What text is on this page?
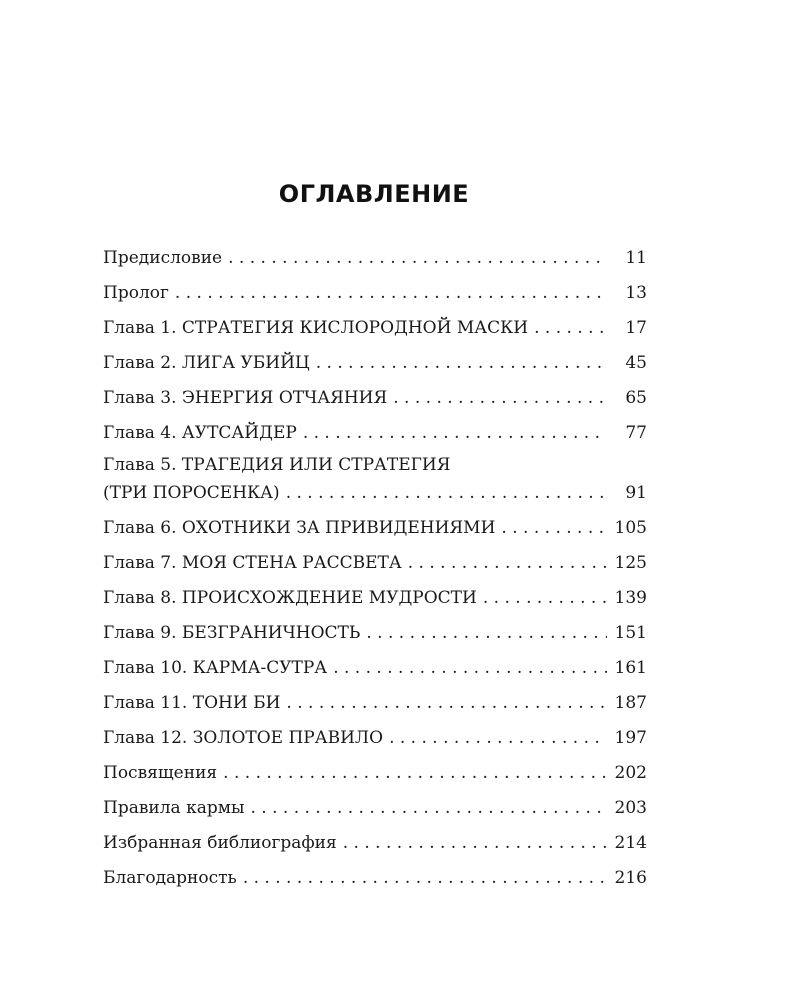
ОГЛАВЛЕНИЕ
Предисловие . . .	11
Пролог . . .	13
Глава 1. СТРАТЕГИЯ КИСЛОРОДНОЙ МАСКИ . . .	17
Глава 2. ЛИГА УБИЙЦ . . .	45
Глава 3. ЭНЕРГИЯ ОТЧАЯНИЯ . . .	65
Глава 4. АУТСАЙДЕР . . .	77
Глава 5. ТРАГЕДИЯ ИЛИ СТРАТЕГИЯ
(ТРИ ПОРОСЕНКА) . . .	91
Глава 6. ОХОТНИКИ ЗА ПРИВИДЕНИЯМИ . . .	105
Глава 7. МОЯ СТЕНА РАССВЕТА . . .	125
Глава 8. ПРОИСХОЖДЕНИЕ МУДРОСТИ . . .	139
Глава 9. БЕЗГРАНИЧНОСТЬ . . .	151
Глава 10. КАРМА-СУТРА . . .	161
Глава 11. ТОНИ БИ . . .	187
Глава 12. ЗОЛОТОЕ ПРАВИЛО . . .	197
Посвящения . . .	202
Правила кармы . . .	203
Избранная библиография . . .	214
Благодарность . . .	216
